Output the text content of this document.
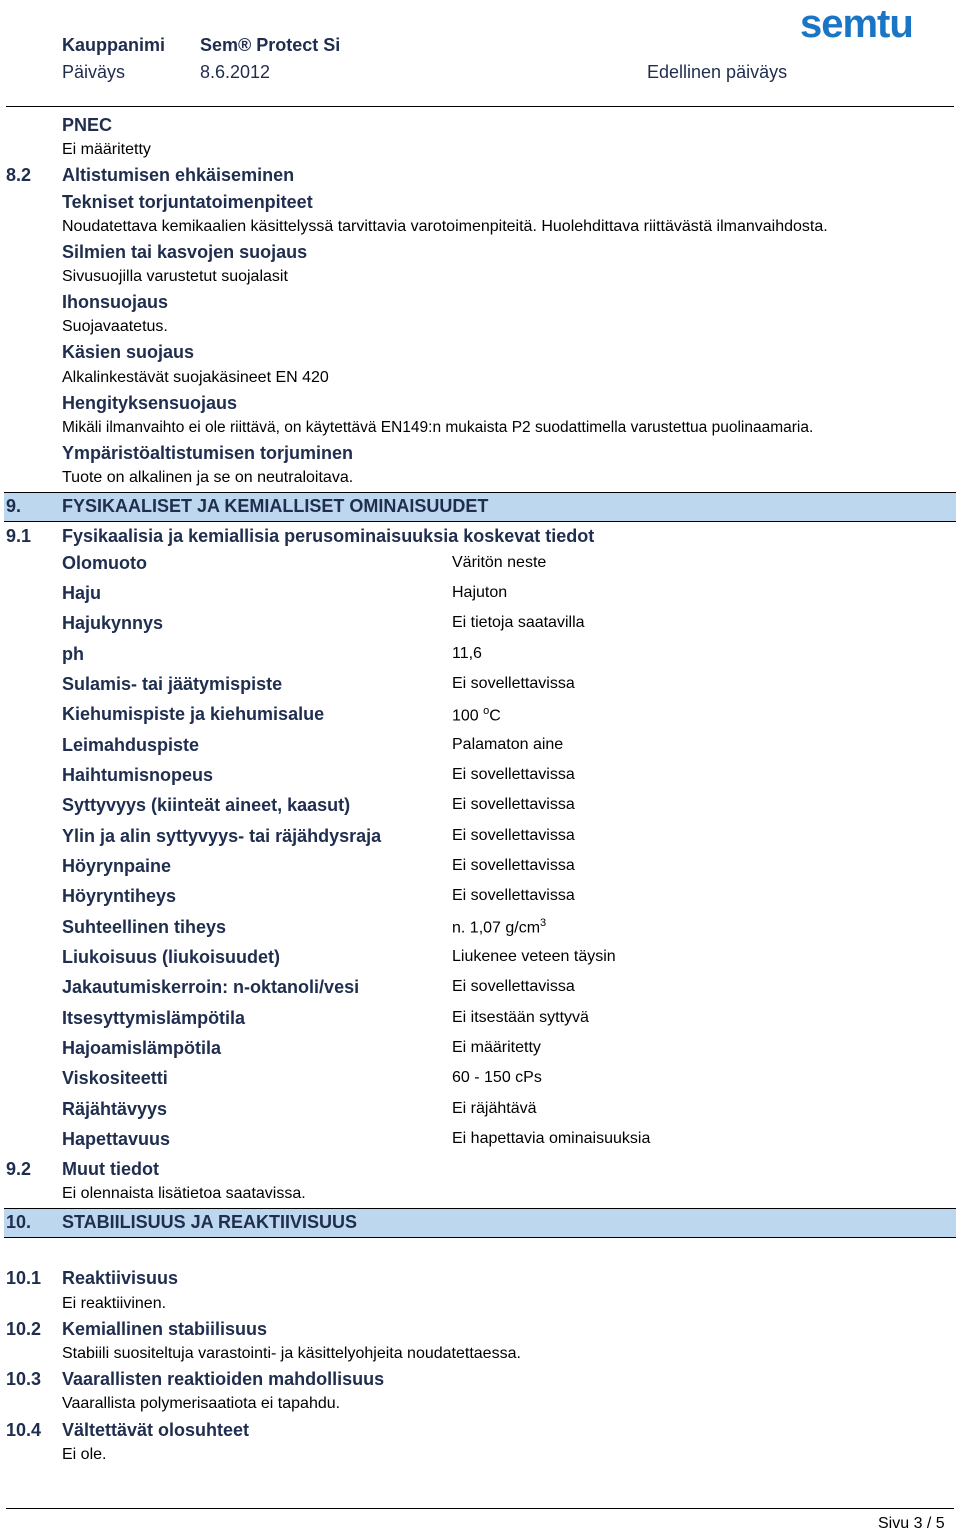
Kauppanimi Sem® Protect Si
Päiväys	8.6.2012	Edellinen päiväys
semtu
PNEC
Ei määritetty
8.2 Altistumisen ehkäiseminen
Tekniset torjuntatoimenpiteet
Noudatettava kemikaalien käsittelyssä tarvittavia varotoimenpiteitä. Huolehdittava riittävästä ilmanvaihdosta.
Silmien tai kasvojen suojaus
Sivusuojilla varustetut suojalasit
Ihonsuojaus
Suojavaatetus.
Käsien suojaus
Alkalinkestävät suojakäsineet EN 420
Hengityksensuojaus
Mikäli ilmanvaihto ei ole riittävä, on käytettävä EN149:n mukaista P2 suodattimella varustettua puolinaamaria.
Ympäristöaltistumisen torjuminen
Tuote on alkalinen ja se on neutraloitava.
9. FYSIKAALISET JA KEMIALLISET OMINAISUUDET
9.1 Fysikaalisia ja kemiallisia perusominaisuuksia koskevat tiedot
Olomuoto	Väritön neste
Haju	Hajuton
Hajukynnys	Ei tietoja saatavilla
ph	11,6
Sulamis- tai jäätymispiste	Ei sovellettavissa
Kiehumispiste ja kiehumisalue	100 $^o$C
Leimahduspiste	Palamaton aine
Haihtumisnopeus	Ei sovellettavissa
Syttyvyys (kiinteät aineet, kaasut)	Ei sovellettavissa
Ylin ja alin syttyvyys- tai räjähdysraja	Ei sovellettavissa
Höyrynpaine	Ei sovellettavissa
Höyryntiheys	Ei sovellettavissa
Suhteellinen tiheys	n. 1,07 $g/cm^3$
Liukoisuus (liukoisuudet)	Liukenee veteen täysin
Jakautumiskerroin: n-oktanoli/vesi	Ei sovellettavissa
Itsesyttymislämpötila	Ei itsestään syttyvä
Hajoamislämpötila	Ei määritetty
Viskositeetti	60 - 150 cPs
Räjähtävyys	Ei räjähtävä
Hapettavuus	Ei hapettavia ominaisuuksia
9.2 Muut tiedot
Ei olennaista lisätietoa saatavissa.
10. STABIILISUUS JA REAKTIIVISUUS
10.1 Reaktiivisuus
Ei reaktiivinen.
10.2 Kemiallinen stabiilisuus
Stabiili suositeltuja varastointi- ja käsittelyohjeita noudatettaessa.
10.3 Vaarallisten reaktioiden mahdollisuus
Vaarallista polymerisaatiota ei tapahdu.
10.4 Vältettävät olosuhteet
Ei ole.
Sivu 3 / 5
